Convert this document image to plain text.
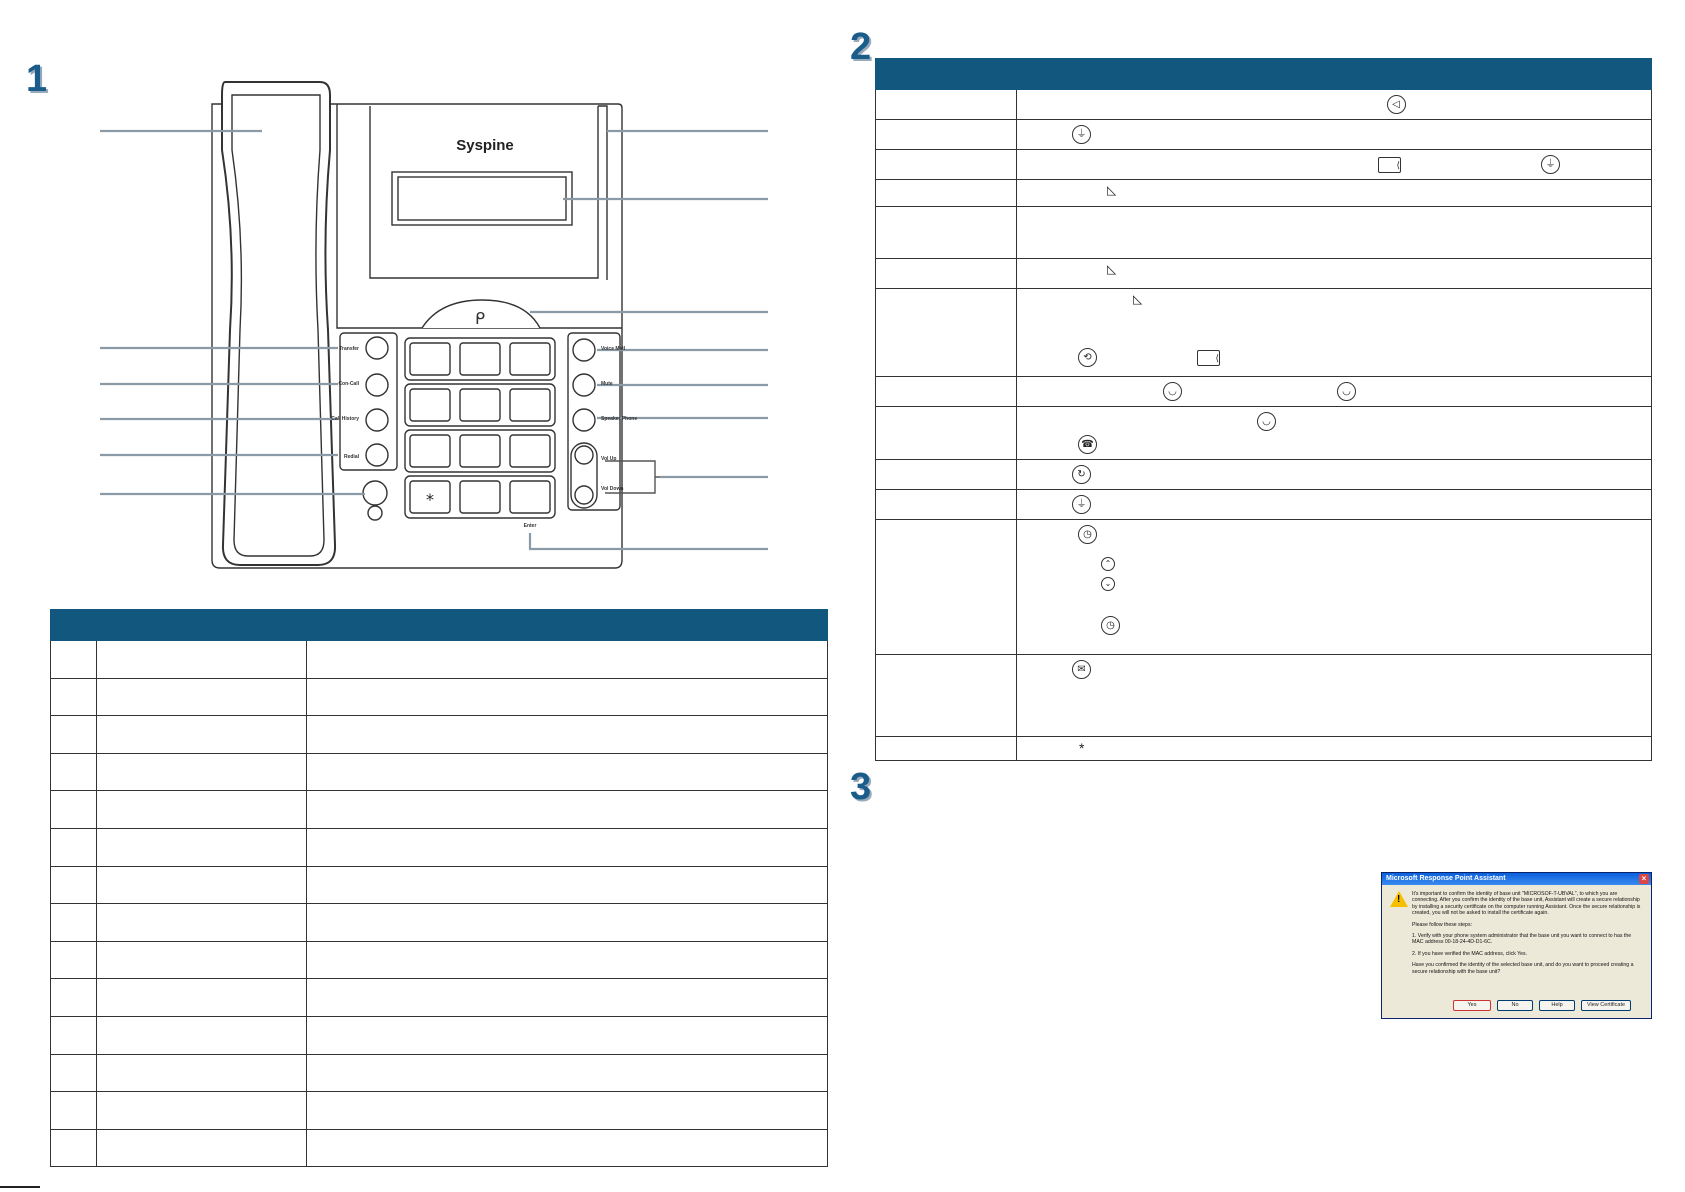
1
2
3
ᑭ
Syspine
Transfer
Con-Call
Call History
Redial
Voice Mail
Mute
Speaker Phone
Vol Up
Vol Down
Enter
*

	◁
	⏚
	⟨ ⏚
	◺

	◺

	◺
⟲ ⟨

	◡ ◡

	◡
☎

	↻
	⏚

	◷
⌃
⌄
◷

	✉
	*
Microsoft Response Point Assistant	×
! It's important to confirm the identity of base unit "MICROSOF-T-UBVAL", to which you are connecting. After you confirm the identity of the base unit, Assistant will create a secure relationship by installing a security certificate on the computer running Assistant. Once the secure relationship is created, you will not be asked to install the certificate again.

Please follow these steps:

1. Verify with your phone system administrator that the base unit you want to connect to has the MAC address 00-18-24-4D-D1-6C.

2. If you have verified the MAC address, click Yes.

Have you confirmed the identity of the selected base unit, and do you want to proceed creating a secure relationship with the base unit?

Yes	No	Help	View Certificate
